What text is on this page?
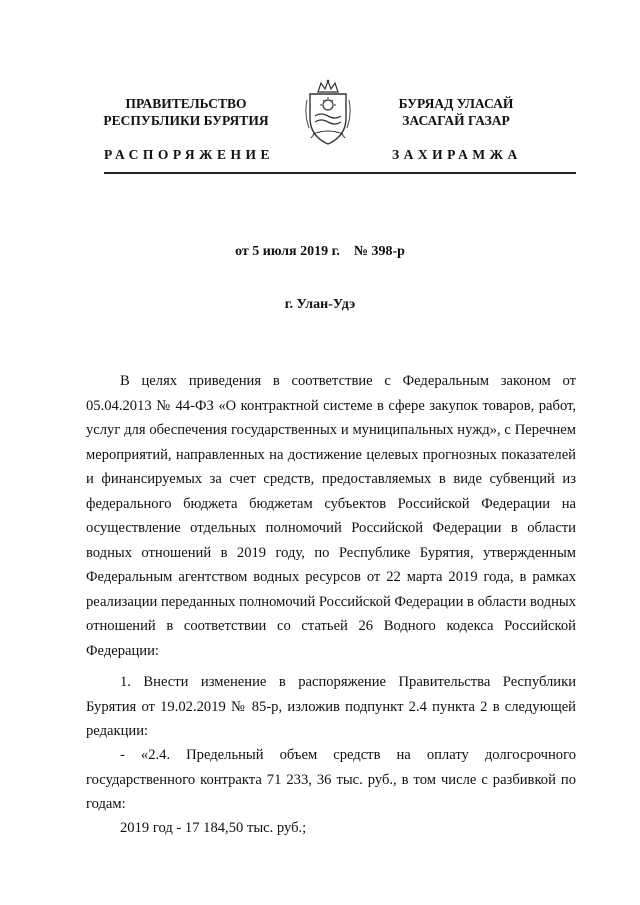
ПРАВИТЕЛЬСТВО
РЕСПУБЛИКИ БУРЯТИЯ
БУРЯАД УЛАСАЙ
ЗАСАГАЙ ГАЗАР
РАСПОРЯЖЕНИЕ	ЗАХИРАМЖА
от 5 июля 2019 г. № 398-р
г. Улан-Удэ
В целях приведения в соответствие с Федеральным законом от 05.04.2013 № 44-ФЗ «О контрактной системе в сфере закупок товаров, работ, услуг для обеспечения государственных и муниципальных нужд», с Перечнем мероприятий, направленных на достижение целевых прогнозных показателей и финансируемых за счет средств, предоставляемых в виде субвенций из федерального бюджета бюджетам субъектов Российской Федерации на осуществление отдельных полномочий Российской Федерации в области водных отношений в 2019 году, по Республике Бурятия, утвержденным Федеральным агентством водных ресурсов от 22 марта 2019 года, в рамках реализации переданных полномочий Российской Федерации в области водных отношений в соответствии со статьей 26 Водного кодекса Российской Федерации:
1. Внести изменение в распоряжение Правительства Республики Бурятия от 19.02.2019 № 85-р, изложив подпункт 2.4 пункта 2 в следующей редакции:
- «2.4. Предельный объем средств на оплату долгосрочного государственного контракта 71 233, 36 тыс. руб., в том числе с разбивкой по годам:
2019 год - 17 184,50 тыс. руб.;
